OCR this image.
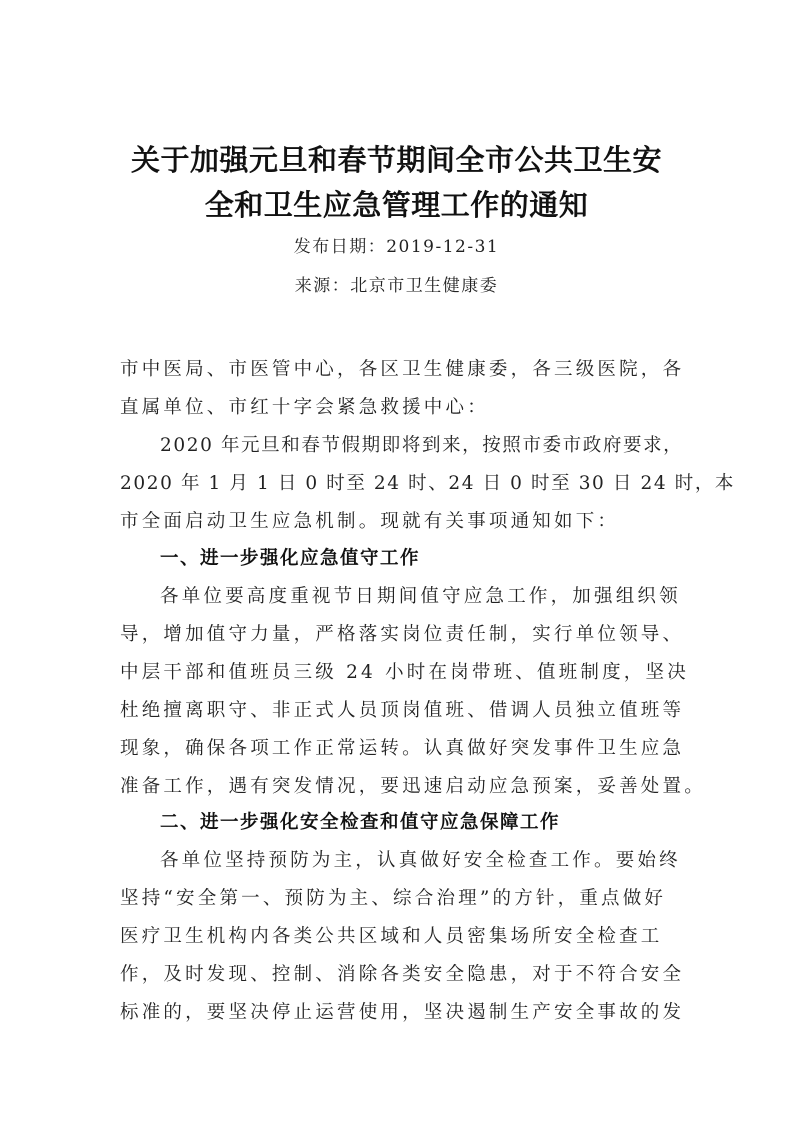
关于加强元旦和春节期间全市公共卫生安
全和卫生应急管理工作的通知
发布日期：2019-12-31
来源：北京市卫生健康委
市中医局、市医管中心，各区卫生健康委，各三级医院，各
直属单位、市红十字会紧急救援中心：
2020 年元旦和春节假期即将到来，按照市委市政府要求，
2020 年 1 月 1 日 0 时至 24 时、24 日 0 时至 30 日 24 时，本
市全面启动卫生应急机制。现就有关事项通知如下：
一、进一步强化应急值守工作
各单位要高度重视节日期间值守应急工作，加强组织领
导，增加值守力量，严格落实岗位责任制，实行单位领导、
中层干部和值班员三级 24 小时在岗带班、值班制度，坚决
杜绝擅离职守、非正式人员顶岗值班、借调人员独立值班等
现象，确保各项工作正常运转。认真做好突发事件卫生应急
准备工作，遇有突发情况，要迅速启动应急预案，妥善处置。
二、进一步强化安全检查和值守应急保障工作
各单位坚持预防为主，认真做好安全检查工作。要始终
坚持“安全第一、预防为主、综合治理”的方针，重点做好
医疗卫生机构内各类公共区域和人员密集场所安全检查工
作，及时发现、控制、消除各类安全隐患，对于不符合安全
标准的，要坚决停止运营使用，坚决遏制生产安全事故的发
